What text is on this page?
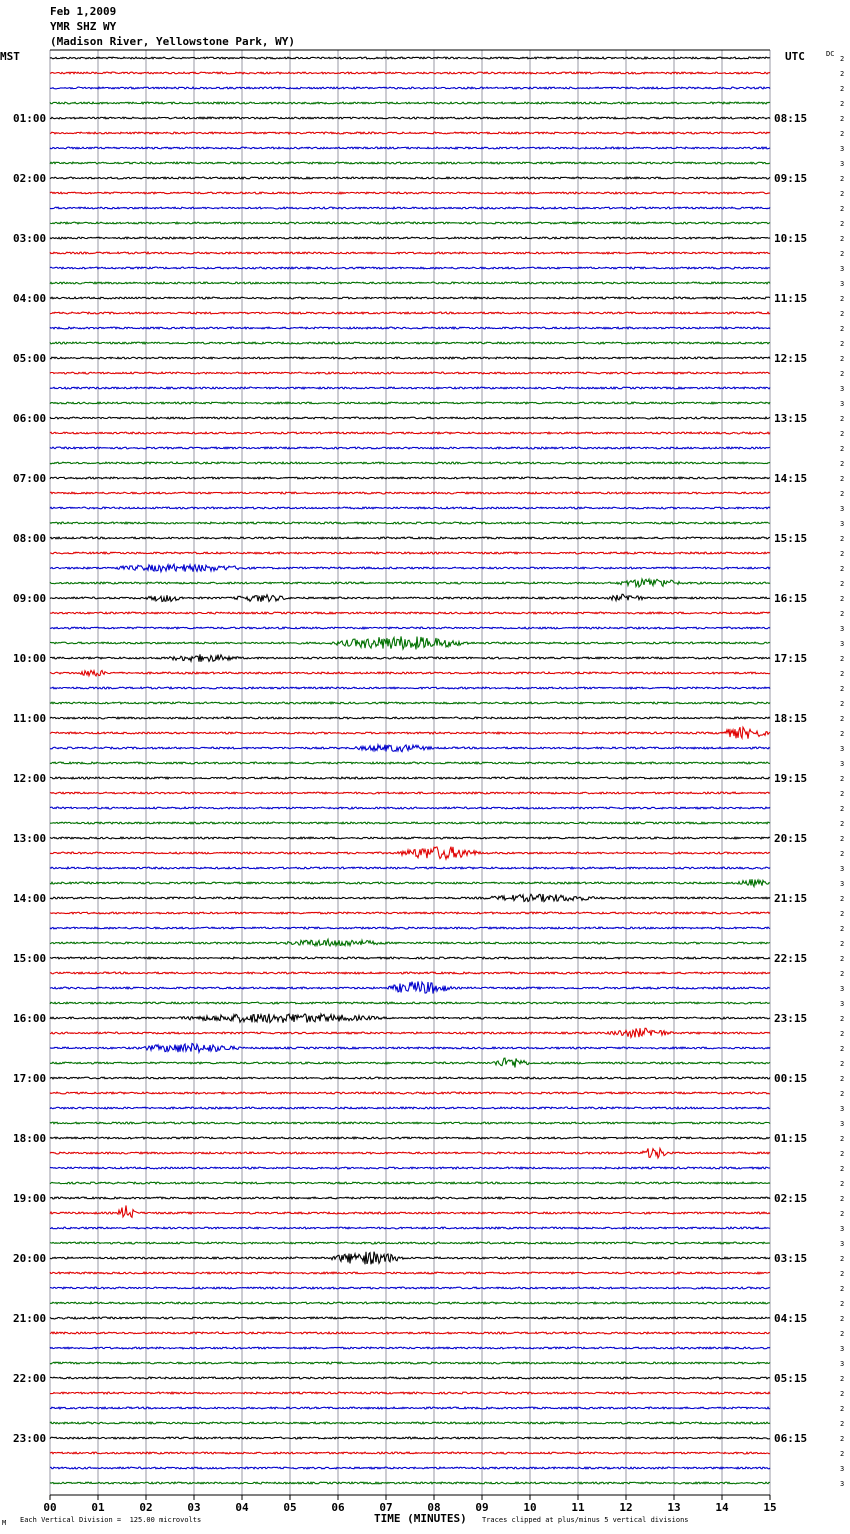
Feb 1,2009
YMR SHZ WY
(Madison River, Yellowstone Park, WY)
MST	UTC	DC
2
2
2
2
2
2
3
3
2
2
2
2
2
2
3
3
2
2
2
2
2
2
3
3
2
2
2
2
2
2
3
3
2
2
2
2
2
2
3
3
2
2
2
2
2
2
3
3
2
2
2
2
2
2
3
3
2
2
2
2
2
2
3
3
2
2
2
2
2
2
3
3
2
2
2
2
2
2
3
3
2
2
2
2
2
2
3
3
2
2
2
2
2
2
3
3
01:00	08:15
02:00	09:15
03:00	10:15
04:00	11:15
05:00	12:15
06:00	13:15
07:00	14:15
08:00	15:15
09:00	16:15
10:00	17:15
11:00	18:15
12:00	19:15
13:00	20:15
14:00	21:15
15:00	22:15
16:00	23:15
17:00	00:15
18:00	01:15
19:00	02:15
20:00	03:15
21:00	04:15
22:00	05:15
23:00	06:15
00	01	02	03	04	05	06	07	08	09	10	11	12	13	14	15
M Each Vertical Division =  125.00 microvolts	TIME (MINUTES) Traces clipped at plus/minus 5 vertical divisions
